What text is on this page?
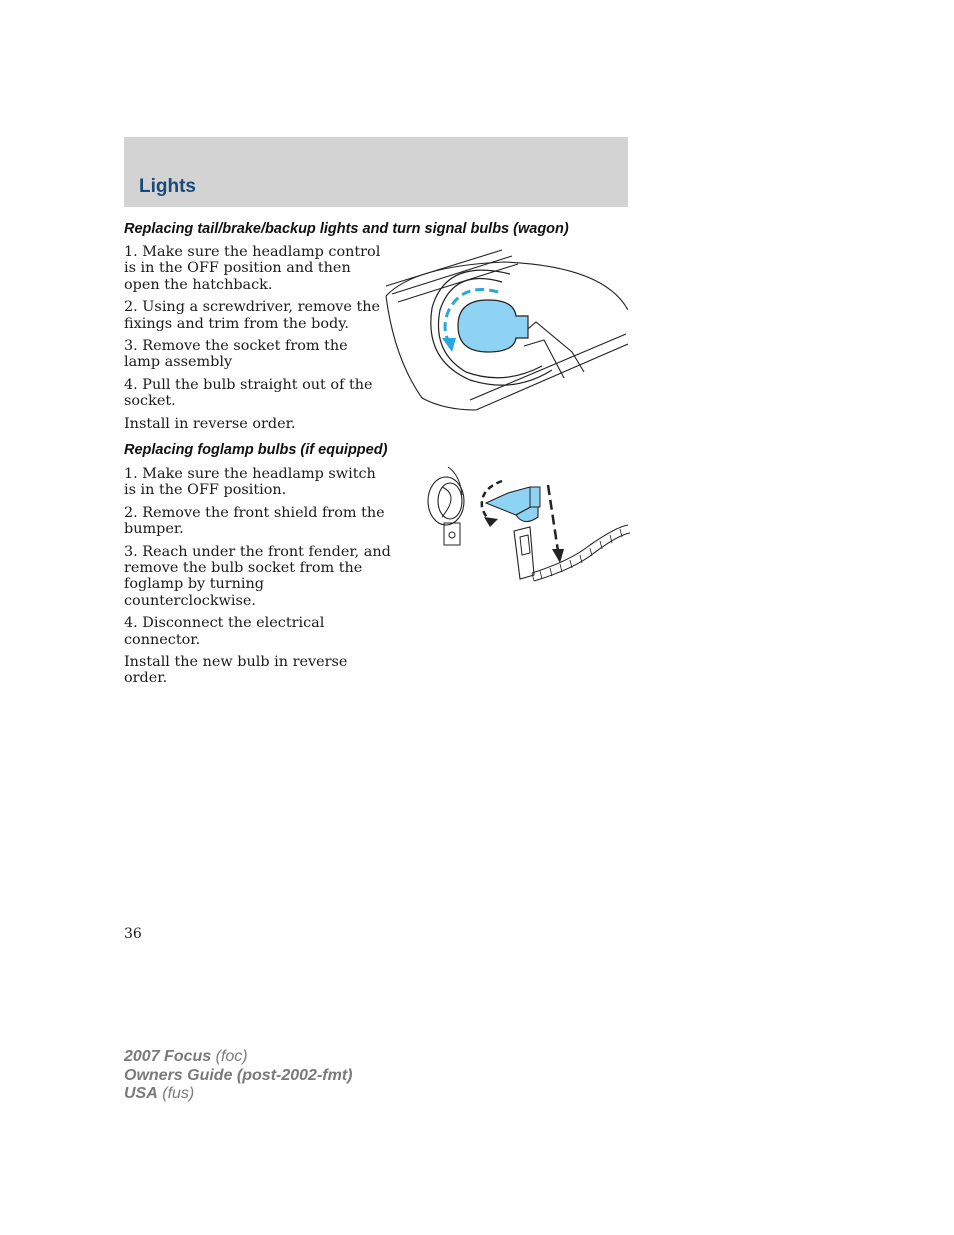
Lights
Replacing tail/brake/backup lights and turn signal bulbs (wagon)
1. Make sure the headlamp control is in the OFF position and then open the hatchback.
2. Using a screwdriver, remove the fixings and trim from the body.
3. Remove the socket from the lamp assembly
4. Pull the bulb straight out of the socket.
Install in reverse order.
Replacing foglamp bulbs (if equipped)
1. Make sure the headlamp switch is in the OFF position.
2. Remove the front shield from the bumper.
3. Reach under the front fender, and remove the bulb socket from the foglamp by turning counterclockwise.
4. Disconnect the electrical connector.
Install the new bulb in reverse order.
36
2007 Focus (foc)
Owners Guide (post-2002-fmt)
USA (fus)
